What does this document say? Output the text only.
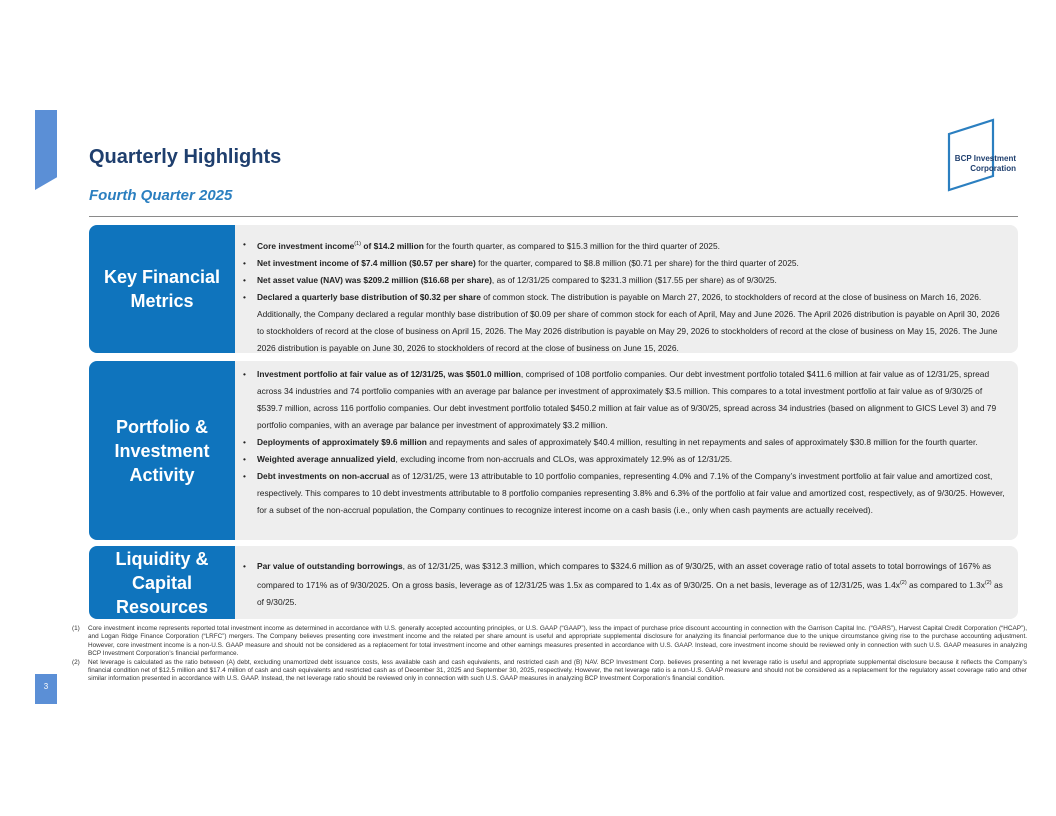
Quarterly Highlights
Fourth Quarter 2025
BCP Investment
Corporation
Key Financial
Metrics
• Core investment income$^{(1)}$ of $14.2 million for the fourth quarter, as compared to $15.3 million for the third quarter of 2025.
• Net investment income of $7.4 million ($0.57 per share) for the quarter, compared to $8.8 million ($0.71 per share) for the third quarter of 2025.
• Net asset value (NAV) was $209.2 million ($16.68 per share), as of 12/31/25 compared to $231.3 million ($17.55 per share) as of 9/30/25.
• Declared a quarterly base distribution of $0.32 per share of common stock. The distribution is payable on March 27, 2026, to stockholders of record at the close of business on March 16, 2026. Additionally, the Company declared a regular monthly base distribution of $0.09 per share of common stock for each of April, May and June 2026. The April 2026 distribution is payable on April 30, 2026 to stockholders of record at the close of business on April 15, 2026. The May 2026 distribution is payable on May 29, 2026 to stockholders of record at the close of business on May 15, 2026. The June 2026 distribution is payable on June 30, 2026 to stockholders of record at the close of business on June 15, 2026.
Portfolio &
Investment
Activity
• Investment portfolio at fair value as of 12/31/25, was $501.0 million, comprised of 108 portfolio companies. Our debt investment portfolio totaled $411.6 million at fair value as of 12/31/25, spread across 34 industries and 74 portfolio companies with an average par balance per investment of approximately $3.5 million. This compares to a total investment portfolio at fair value as of 9/30/25 of $539.7 million, across 116 portfolio companies. Our debt investment portfolio totaled $450.2 million at fair value as of 9/30/25, spread across 34 industries (based on alignment to GICS Level 3) and 79 portfolio companies, with an average par balance per investment of approximately $3.2 million.
• Deployments of approximately $9.6 million and repayments and sales of approximately $40.4 million, resulting in net repayments and sales of approximately $30.8 million for the fourth quarter.
• Weighted average annualized yield, excluding income from non-accruals and CLOs, was approximately 12.9% as of 12/31/25.
• Debt investments on non-accrual as of 12/31/25, were 13 attributable to 10 portfolio companies, representing 4.0% and 7.1% of the Company’s investment portfolio at fair value and amortized cost, respectively. This compares to 10 debt investments attributable to 8 portfolio companies representing 3.8% and 6.3% of the portfolio at fair value and amortized cost, respectively, as of 9/30/25. However, for a subset of the non-accrual population, the Company continues to recognize interest income on a cash basis (i.e., only when cash payments are actually received).
Liquidity &
Capital
Resources
• Par value of outstanding borrowings, as of 12/31/25, was $312.3 million, which compares to $324.6 million as of 9/30/25, with an asset coverage ratio of total assets to total borrowings of 167% as compared to 171% as of 9/30/2025. On a gross basis, leverage as of 12/31/25 was 1.5x as compared to 1.4x as of 9/30/25. On a net basis, leverage as of 12/31/25, was $1.4x^{(2)}$ as compared to $1.3x^{(2)}$ as of 9/30/25.
(1) Core investment income represents reported total investment income as determined in accordance with U.S. generally accepted accounting principles, or U.S. GAAP (“GAAP”), less the impact of purchase price discount accounting in connection with the Garrison Capital Inc. (“GARS”), Harvest Capital Credit Corporation (“HCAP”), and Logan Ridge Finance Corporation (“LRFC”) mergers. The Company believes presenting core investment income and the related per share amount is useful and appropriate supplemental disclosure for analyzing its financial performance due to the unique circumstance giving rise to the purchase accounting adjustment. However, core investment income is a non-U.S. GAAP measure and should not be considered as a replacement for total investment income and other earnings measures presented in accordance with U.S. GAAP. Instead, core investment income should be reviewed only in connection with such U.S. GAAP measures in analyzing BCP Investment Corporation’s financial performance.
(2) Net leverage is calculated as the ratio between (A) debt, excluding unamortized debt issuance costs, less available cash and cash equivalents, and restricted cash and (B) NAV. BCP Investment Corp. believes presenting a net leverage ratio is useful and appropriate supplemental disclosure because it reflects the Company’s financial condition net of $12.5 million and $17.4 million of cash and cash equivalents and restricted cash as of December 31, 2025 and September 30, 2025, respectively. However, the net leverage ratio is a non-U.S. GAAP measure and should not be considered as a replacement for the regulatory asset coverage ratio and other similar information presented in accordance with U.S. GAAP. Instead, the net leverage ratio should be reviewed only in connection with such U.S. GAAP measures in analyzing BCP Investment Corporation’s financial condition.
3
